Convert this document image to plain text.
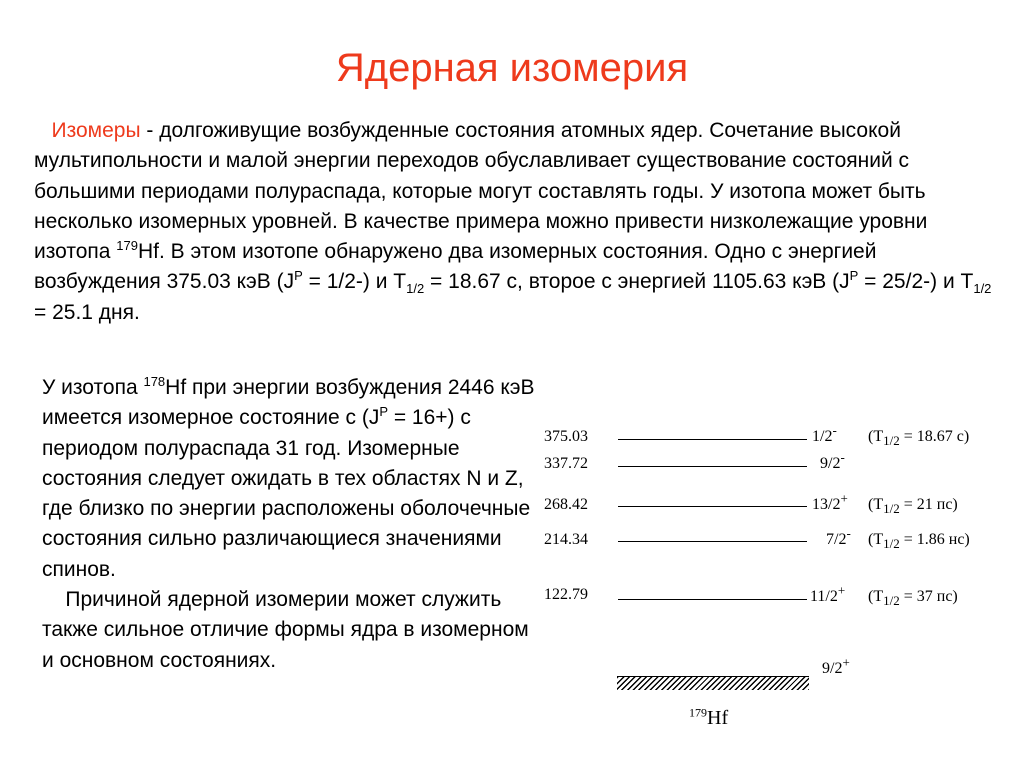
Ядерная изомерия
Изомеры - долгоживущие возбужденные состояния атомных ядер. Сочетание высокой мультипольности и малой энергии переходов обуславливает существование состояний с большими периодами полураспада, которые могут составлять годы. У изотопа может быть несколько изомерных уровней. В качестве примера можно привести низколежащие уровни изотопа $^{179}$Hf. В этом изотопе обнаружено два изомерных состояния. Одно с энергией возбуждения 375.03 кэВ $(J^P = 1/2-)$ и $T_{1/2} = 18.67$ с, второе с энергией 1105.63 кэВ $(J^P = 25/2-)$ и $T_{1/2} = 25.1$ дня.
У изотопа $^{178}$Hf при энергии возбуждения 2446 кэВ имеется изомерное состояние с $(J^P = 16+)$ с периодом полураспада 31 год. Изомерные состояния следует ожидать в тех областях N и Z, где близко по энергии расположены оболочечные состояния сильно различающиеся значениями спинов.
Причиной ядерной изомерии может служить также сильное отличие формы ядра в изомерном и основном состояниях.
375.03	1/2- ($T_{1/2} = 18.67$ с)
337.72	9/2-
268.42	13/2+ ($T_{1/2} = 21$ пс)
214.34	7/2- ($T_{1/2} = 1.86$ нс)
122.79	11/2+ ($T_{1/2} = 37$ пс)
9/2+
$^{179}$Hf
